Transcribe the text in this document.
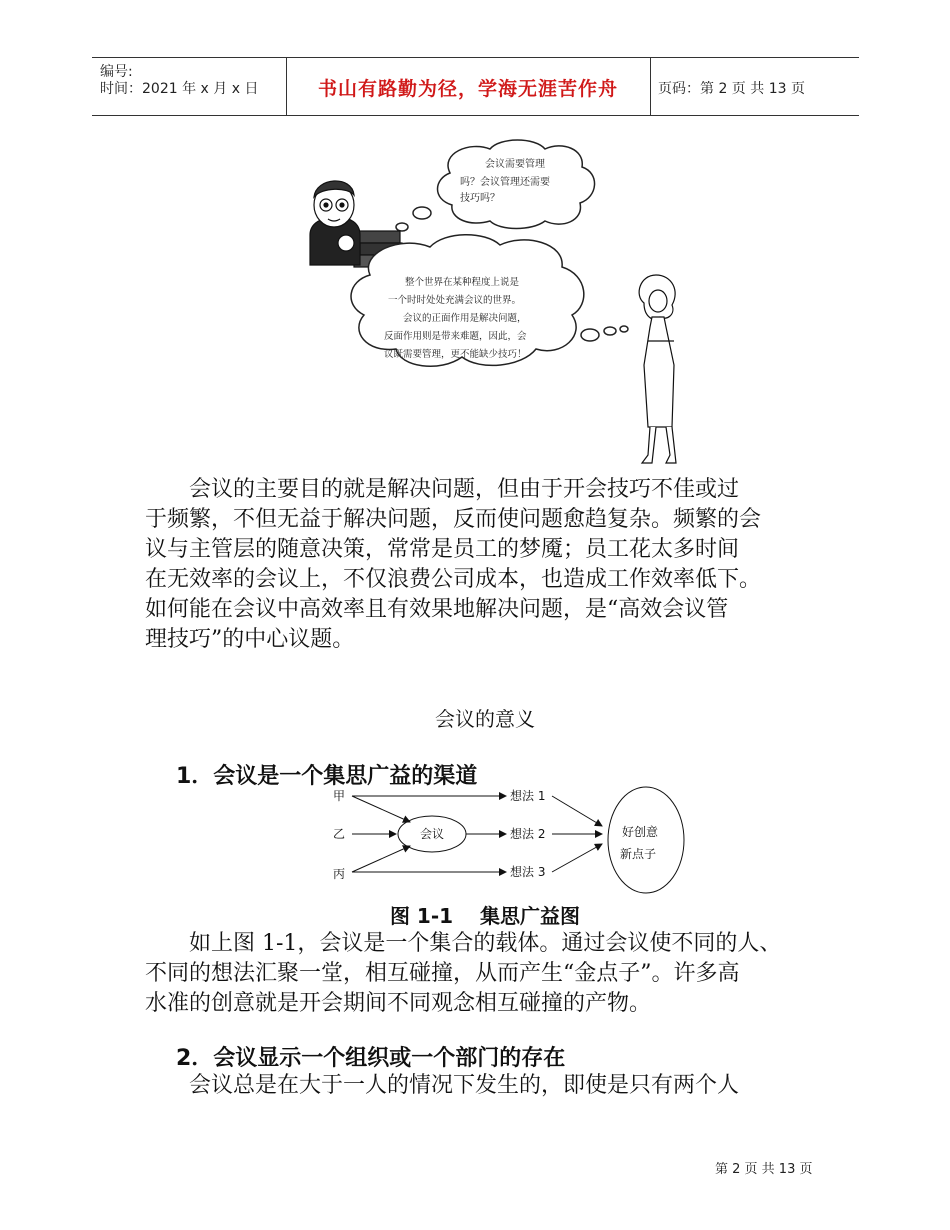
编号:
时间：2021 年 x 月 x 日	书山有路勤为径，学海无涯苦作舟	页码：第 2 页 共 13 页
会议需要管理
吗？会议管理还需要
技巧吗？
整个世界在某种程度上说是
一个时时处处充满会议的世界。
会议的正面作用是解决问题，
反面作用则是带来难题，因此，会
议既需要管理，更不能缺少技巧！
会议的主要目的就是解决问题，但由于开会技巧不佳或过
于频繁，不但无益于解决问题，反而使问题愈趋复杂。频繁的会
议与主管层的随意决策，常常是员工的梦魇；员工花太多时间
在无效率的会议上，不仅浪费公司成本，也造成工作效率低下。
如何能在会议中高效率且有效果地解决问题，是“高效会议管
理技巧”的中心议题。
会议的意义
1．会议是一个集思广益的渠道
甲
乙
丙
会议
想法 1
想法 2
想法 3
好创意
新点子
图 1-1　 集思广益图
如上图 1-1，会议是一个集合的载体。通过会议使不同的人、
不同的想法汇聚一堂，相互碰撞，从而产生“金点子”。许多高
水准的创意就是开会期间不同观念相互碰撞的产物。
2．会议显示一个组织或一个部门的存在
会议总是在大于一人的情况下发生的，即使是只有两个人
第 2 页 共 13 页
